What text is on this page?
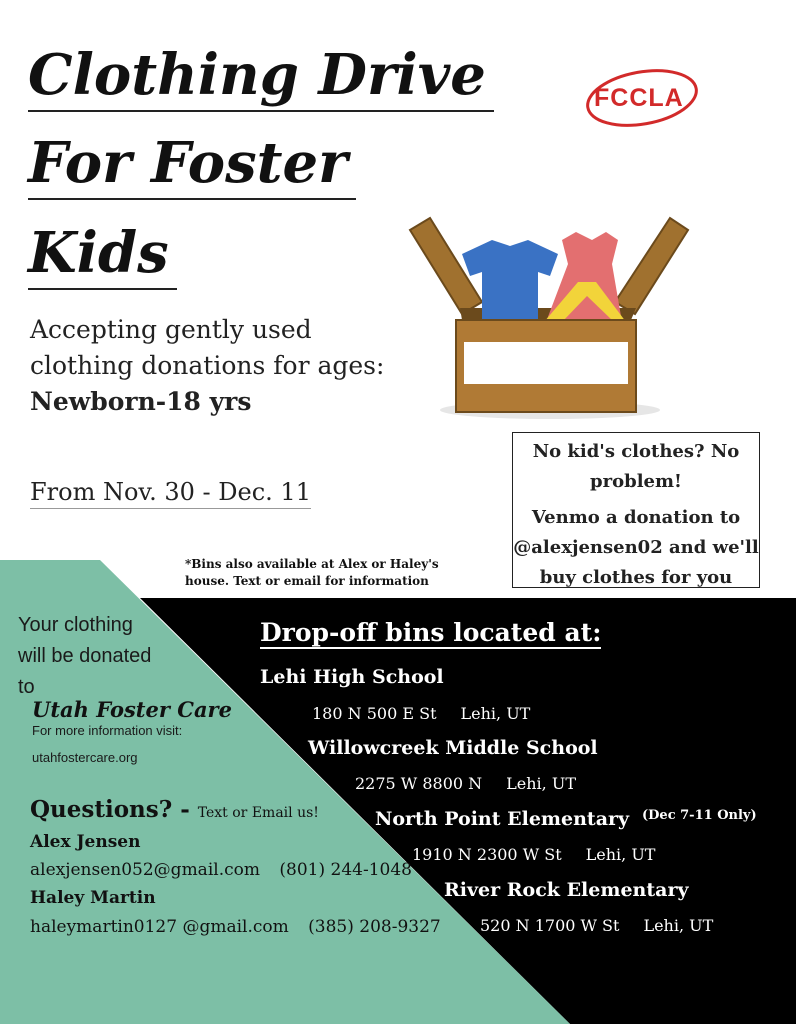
Clothing Drive
For Foster
Kids
FCCLA
Accepting gently used
clothing donations for ages:
Newborn-18 yrs
From Nov. 30 - Dec. 11
No kid's clothes? No
problem!
Venmo a donation to
@alexjensen02 and we'll
buy clothes for you
*Bins also available at Alex or Haley's
house. Text or email for information
Your clothing
will be donated
to
Utah Foster Care
For more information visit:
utahfostercare.org
Questions? - Text or Email us!
Alex Jensen
alexjensen052@gmail.com (801) 244-1048
Haley Martin
haleymartin0127 @gmail.com (385) 208-9327
Drop-off bins located at:
Lehi High School
180 N 500 E St Lehi, UT
Willowcreek Middle School
2275 W 8800 N Lehi, UT
North Point Elementary (Dec 7-11 Only)
1910 N 2300 W St Lehi, UT
River Rock Elementary
520 N 1700 W St Lehi, UT
